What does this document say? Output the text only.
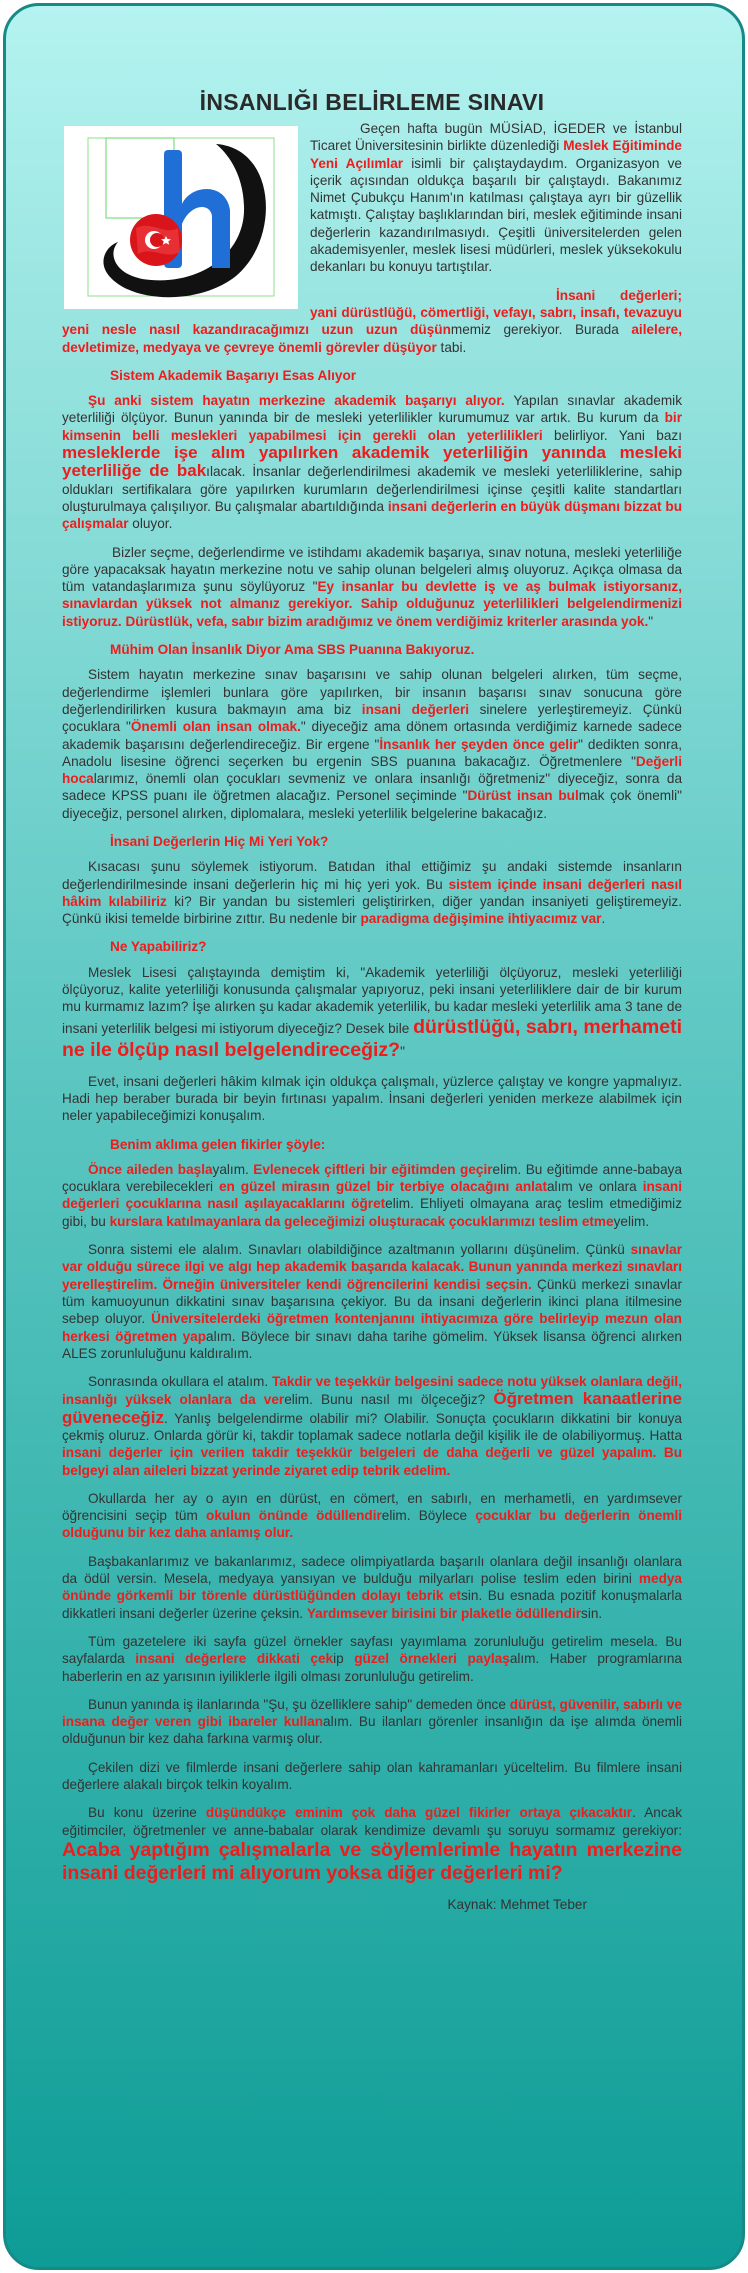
İNSANLIĞI BELİRLEME SINAVI

Geçen hafta bugün MÜSİAD, İGEDER ve İstanbul Ticaret Üniversitesinin birlikte düzenlediği Meslek Eğitiminde Yeni Açılımlar isimli bir çalıştaydaydım. Organizasyon ve içerik açısından oldukça başarılı bir çalıştaydı. Bakanımız Nimet Çubukçu Hanım'ın katılması çalıştaya ayrı bir güzellik katmıştı. Çalıştay başlıklarından biri, meslek eğitiminde insani değerlerin kazandırılmasıydı. Çeşitli üniversitelerden gelen akademisyenler, meslek lisesi müdürleri, meslek yüksekokulu dekanları bu konuyu tartıştılar.

İnsani değerleri; yani dürüstlüğü, cömertliği, vefayı, sabrı, insafı, tevazuyu yeni nesle nasıl kazandıracağımızı uzun uzun düşünmemiz gerekiyor. Burada ailelere, devletimize, medyaya ve çevreye önemli görevler düşüyor tabi.

Sistem Akademik Başarıyı Esas Alıyor

Şu anki sistem hayatın merkezine akademik başarıyı alıyor. Yapılan sınavlar akademik yeterliliği ölçüyor. Bunun yanında bir de mesleki yeterlilikler kurumumuz var artık. Bu kurum da bir kimsenin belli meslekleri yapabilmesi için gerekli olan yeterlilikleri belirliyor. Yani bazı mesleklerde işe alım yapılırken akademik yeterliliğin yanında mesleki yeterliliğe de bakılacak. İnsanlar değerlendirilmesi akademik ve mesleki yeterliliklerine, sahip oldukları sertifikalara göre yapılırken kurumların değerlendirilmesi içinse çeşitli kalite standartları oluşturulmaya çalışılıyor. Bu çalışmalar abartıldığında insani değerlerin en büyük düşmanı bizzat bu çalışmalar oluyor.

Bizler seçme, değerlendirme ve istihdamı akademik başarıya, sınav notuna, mesleki yeterliliğe göre yapacaksak hayatın merkezine notu ve sahip olunan belgeleri almış oluyoruz. Açıkça olmasa da tüm vatandaşlarımıza şunu söylüyoruz "Ey insanlar bu devlette iş ve aş bulmak istiyorsanız, sınavlardan yüksek not almanız gerekiyor. Sahip olduğunuz yeterlilikleri belgelendirmenizi istiyoruz. Dürüstlük, vefa, sabır bizim aradığımız ve önem verdiğimiz kriterler arasında yok."

Mühim Olan İnsanlık Diyor Ama SBS Puanına Bakıyoruz.

Sistem hayatın merkezine sınav başarısını ve sahip olunan belgeleri alırken, tüm seçme, değerlendirme işlemleri bunlara göre yapılırken, bir insanın başarısı sınav sonucuna göre değerlendirilirken kusura bakmayın ama biz insani değerleri sinelere yerleştiremeyiz. Çünkü çocuklara "Önemli olan insan olmak." diyeceğiz ama dönem ortasında verdiğimiz karnede sadece akademik başarısını değerlendireceğiz. Bir ergene "İnsanlık her şeyden önce gelir" dedikten sonra, Anadolu lisesine öğrenci seçerken bu ergenin SBS puanına bakacağız. Öğretmenlere "Değerli hocalarımız, önemli olan çocukları sevmeniz ve onlara insanlığı öğretmeniz" diyeceğiz, sonra da sadece KPSS puanı ile öğretmen alacağız. Personel seçiminde "Dürüst insan bulmak çok önemli" diyeceğiz, personel alırken, diplomalara, mesleki yeterlilik belgelerine bakacağız.

İnsani Değerlerin Hiç Mi Yeri Yok?

Kısacası şunu söylemek istiyorum. Batıdan ithal ettiğimiz şu andaki sistemde insanların değerlendirilmesinde insani değerlerin hiç mi hiç yeri yok. Bu sistem içinde insani değerleri nasıl hâkim kılabiliriz ki? Bir yandan bu sistemleri geliştirirken, diğer yandan insaniyeti geliştiremeyiz. Çünkü ikisi temelde birbirine zıttır. Bu nedenle bir paradigma değişimine ihtiyacımız var.

Ne Yapabiliriz?

Meslek Lisesi çalıştayında demiştim ki, "Akademik yeterliliği ölçüyoruz, mesleki yeterliliği ölçüyoruz, kalite yeterliliği konusunda çalışmalar yapıyoruz, peki insani yeterliliklere dair de bir kurum mu kurmamız lazım? İşe alırken şu kadar akademik yeterlilik, bu kadar mesleki yeterlilik ama 3 tane de insani yeterlilik belgesi mi istiyorum diyeceğiz? Desek bile dürüstlüğü, sabrı, merhameti ne ile ölçüp nasıl belgelendireceğiz?"

Evet, insani değerleri hâkim kılmak için oldukça çalışmalı, yüzlerce çalıştay ve kongre yapmalıyız. Hadi hep beraber burada bir beyin fırtınası yapalım. İnsani değerleri yeniden merkeze alabilmek için neler yapabileceğimizi konuşalım.

Benim aklıma gelen fikirler şöyle:

Önce aileden başlayalım. Evlenecek çiftleri bir eğitimden geçirelim. Bu eğitimde anne-babaya çocuklara verebilecekleri en güzel mirasın güzel bir terbiye olacağını anlatalım ve onlara insani değerleri çocuklarına nasıl aşılayacaklarını öğretelim. Ehliyeti olmayana araç teslim etmediğimiz gibi, bu kurslara katılmayanlara da geleceğimizi oluşturacak çocuklarımızı teslim etmeyelim.

Sonra sistemi ele alalım. Sınavları olabildiğince azaltmanın yollarını düşünelim. Çünkü sınavlar var olduğu sürece ilgi ve algı hep akademik başarıda kalacak. Bunun yanında merkezi sınavları yerelleştirelim. Örneğin üniversiteler kendi öğrencilerini kendisi seçsin. Çünkü merkezi sınavlar tüm kamuoyunun dikkatini sınav başarısına çekiyor. Bu da insani değerlerin ikinci plana itilmesine sebep oluyor. Üniversitelerdeki öğretmen kontenjanını ihtiyacımıza göre belirleyip mezun olan herkesi öğretmen yapalım. Böylece bir sınavı daha tarihe gömelim. Yüksek lisansa öğrenci alırken ALES zorunluluğunu kaldıralım.

Sonrasında okullara el atalım. Takdir ve teşekkür belgesini sadece notu yüksek olanlara değil, insanlığı yüksek olanlara da verelim. Bunu nasıl mı ölçeceğiz? Öğretmen kanaatlerine güveneceğiz. Yanlış belgelendirme olabilir mi? Olabilir. Sonuçta çocukların dikkatini bir konuya çekmiş oluruz. Onlarda görür ki, takdir toplamak sadece notlarla değil kişilik ile de olabiliyormuş. Hatta insani değerler için verilen takdir teşekkür belgeleri de daha değerli ve güzel yapalım. Bu belgeyi alan aileleri bizzat yerinde ziyaret edip tebrik edelim.

Okullarda her ay o ayın en dürüst, en cömert, en sabırlı, en merhametli, en yardımsever öğrencisini seçip tüm okulun önünde ödüllendirelim. Böylece çocuklar bu değerlerin önemli olduğunu bir kez daha anlamış olur.

Başbakanlarımız ve bakanlarımız, sadece olimpiyatlarda başarılı olanlara değil insanlığı olanlara da ödül versin. Mesela, medyaya yansıyan ve bulduğu milyarları polise teslim eden birini medya önünde görkemli bir törenle dürüstlüğünden dolayı tebrik etsin. Bu esnada pozitif konuşmalarla dikkatleri insani değerler üzerine çeksin. Yardımsever birisini bir plaketle ödüllendirsin.

Tüm gazetelere iki sayfa güzel örnekler sayfası yayımlama zorunluluğu getirelim mesela. Bu sayfalarda insani değerlere dikkati çekip güzel örnekleri paylaşalım. Haber programlarına haberlerin en az yarısının iyiliklerle ilgili olması zorunluluğu getirelim.

Bunun yanında iş ilanlarında "Şu, şu özelliklere sahip" demeden önce dürüst, güvenilir, sabırlı ve insana değer veren gibi ibareler kullanalım. Bu ilanları görenler insanlığın da işe alımda önemli olduğunun bir kez daha farkına varmış olur.

Çekilen dizi ve filmlerde insani değerlere sahip olan kahramanları yüceltelim. Bu filmlere insani değerlere alakalı birçok telkin koyalım.

Bu konu üzerine düşündükçe eminim çok daha güzel fikirler ortaya çıkacaktır. Ancak eğitimciler, öğretmenler ve anne-babalar olarak kendimize devamlı şu soruyu sormamız gerekiyor: Acaba yaptığım çalışmalarla ve söylemlerimle hayatın merkezine insani değerleri mi alıyorum yoksa diğer değerleri mi?

Kaynak: Mehmet Teber
